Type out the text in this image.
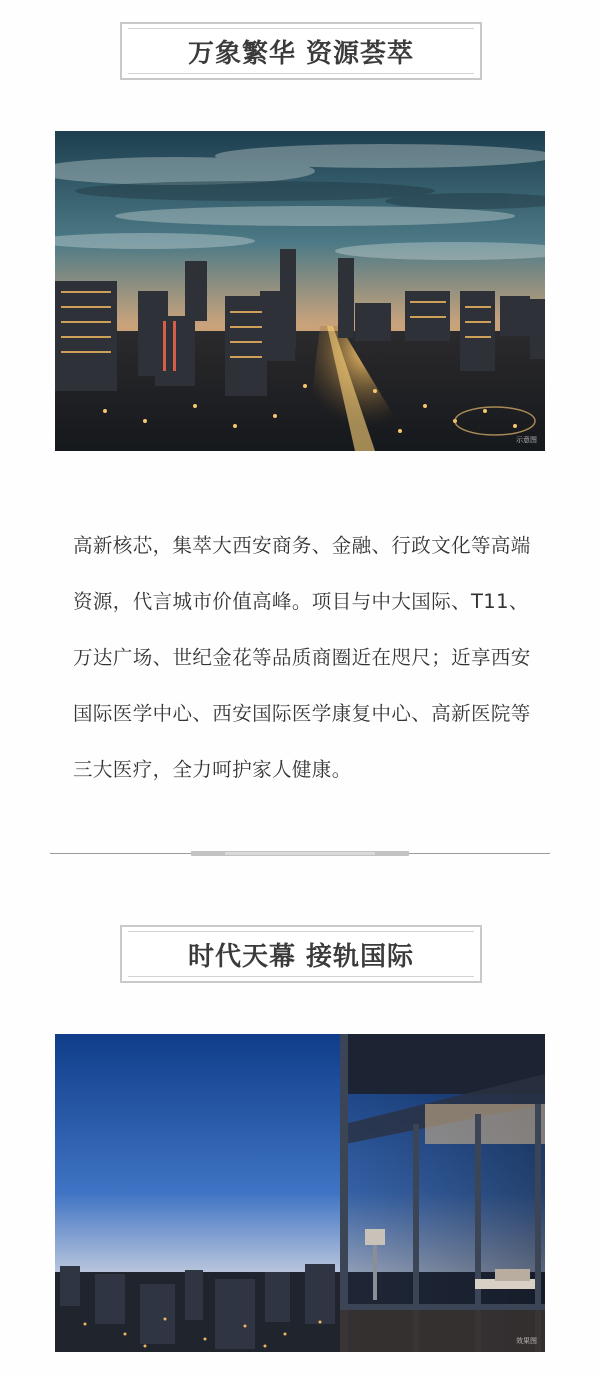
万象繁华 资源荟萃
示意图

高新核芯，集萃大西安商务、金融、行政文化等高端资源，代言城市价值高峰。项目与中大国际、T11、万达广场、世纪金花等品质商圈近在咫尺；近享西安国际医学中心、西安国际医学康复中心、高新医院等三大医疗，全力呵护家人健康。

时代天幕 接轨国际
效果图
